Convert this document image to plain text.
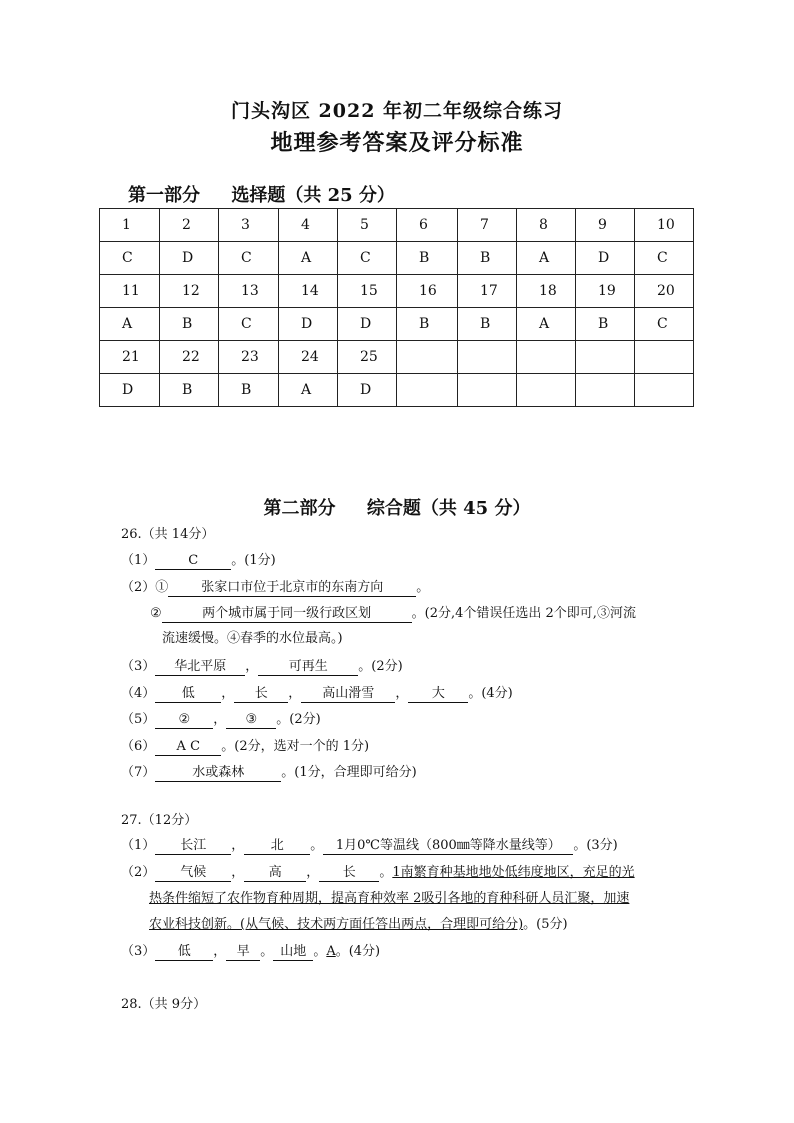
门头沟区 2022 年初二年级综合练习
地理参考答案及评分标准
第一部分     选择题（共 25 分）
1	2	3	4	5	6	7	8	9	10
C	D	C	A	C	B	B	A	D	C
11	12	13	14	15	16	17	18	19	20
A	B	C	D	D	B	B	A	B	C
21	22	23	24	25					
D	B	B	A	D					
第二部分     综合题（共 45 分）
26.（共 14分）
（1）	C	。(1分)
（2）①	张家口市位于北京市的东南方向	。
②	两个城市属于同一级行政区划	。(2分,4个错误任选出 2个即可,③河流
流速缓慢。④春季的水位最高。)
（3） 华北平原 ， 可再生 。(2分)
（4） 低 ， 长 ， 高山滑雪 ， 大 。(4分)
（5） ② ， ③ 。(2分)
（6） A C 。(2分，选对一个的 1分)
（7）	水或森林	。(1分，合理即可给分)
27.（12分）
（1） 长江 ， 北 。 1月0℃等温线（800㎜等降水量线等） 。(3分)
（2） 气候 ， 高 ， 长 。1南繁育种基地地处低纬度地区，充足的光
热条件缩短了农作物育种周期，提高育种效率 2吸引各地的育种科研人员汇聚，加速
农业科技创新。(从气候、技术两方面任答出两点，合理即可给分)。(5分)
（3） 低 ， 早 。 山地 。A。(4分)
28.（共 9分）
